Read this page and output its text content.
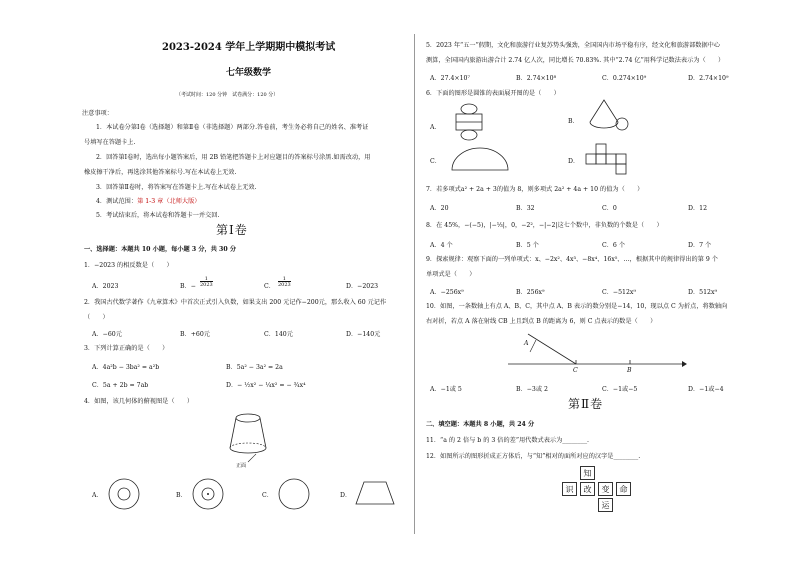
2023-2024 学年上学期期中模拟考试
七年级数学
（考试时间：120 分钟　试卷满分：120 分）
注意事项：
1．本试卷分第Ⅰ卷（选择题）和第Ⅱ卷（非选择题）两部分.答卷前，考生务必将自己的姓名、准考证
号填写在答题卡上.
2．回答第Ⅰ卷时，选出每小题答案后，用 2B 铅笔把答题卡上对应题目的答案标号涂黑.如需改动，用
橡皮擦干净后，再选涂其他答案标号.写在本试卷上无效.
3．回答第Ⅱ卷时，将答案写在答题卡上.写在本试卷上无效.
4．测试范围：第 1-3 章（北师大版）
5．考试结束后，将本试卷和答题卡一并交回.
第Ⅰ卷
一、选择题：本题共 10 小题，每小题 3 分，共 30 分
1．−2023 的相反数是（　　）
A．2023	B．−
1
2023	C．
1
2023	D．−2023
2．我国古代数学著作《九章算术》中首次正式引入负数，如果支出 200 元记作−200元，那么收入 60 元记作
（　　）
A．−60元	B．+60元	C．140元	D．−140元
3．下列计算正确的是（　　）
A．4a²b − 3ba² = a²b	B．5a² − 3a² = 2a
C．5a + 2b = 7ab	D．− ½x² − ¼x² = − ¾x⁴
4．如图，该几何体的俯视图是（　　）
正面
A．	B．	C．	D．
5．2023 年“五一”假期，文化和旅游行业复苏势头强劲，全国国内市场平稳有序，经文化和旅游部数据中心
测算，全国国内旅游出游合计 2.74 亿人次，同比增长 70.83%. 其中“2.74 亿”用科学记数法表示为（　　）
A．27.4×10⁷	B．2.74×10⁸	C．0.274×10⁹	D．2.74×10⁹
6．下面的图形是圆锥的表面展开图的是（　　）
A．
B．
C．	D．
7．若多项式a² + 2a + 3的值为 8，则多项式 2a² + 4a + 10 的值为（　　）
A．20	B．32	C．0	D．12
8．在 45%，−(−5)，|−⅓|，0，−2²，−|−2|这七个数中，非负数的个数是（　　）
A．4 个	B．5 个	C．6 个	D．7 个
9．探索规律：观察下面的一列单项式：x、−2x²、4x³、−8x⁴、16x⁵、…，根据其中的规律得出的第 9 个
单项式是（　　）
A．−256x⁹	B．256x⁹	C．−512x⁹	D．512x⁹
10．如图，一条数轴上有点 A、B、C，其中点 A、B 表示的数分别是−14，10，现以点 C 为折点，将数轴向
右对折，若点 A 落在射线 CB 上且到点 B 的距离为 6，则 C 点表示的数是（　　）
A
C	B
A．−1或 5	B．−3或 2	C．−1或−5	D．−1或−4
第Ⅱ卷
二、填空题：本题共 8 小题，共 24 分
11．“a 的 2 倍与 b 的 3 倍的差”用代数式表示为________.
12．如图所示的图形折成正方体后，与“知”相对的面所对应的汉字是________.
知
识	改	变	命
运
